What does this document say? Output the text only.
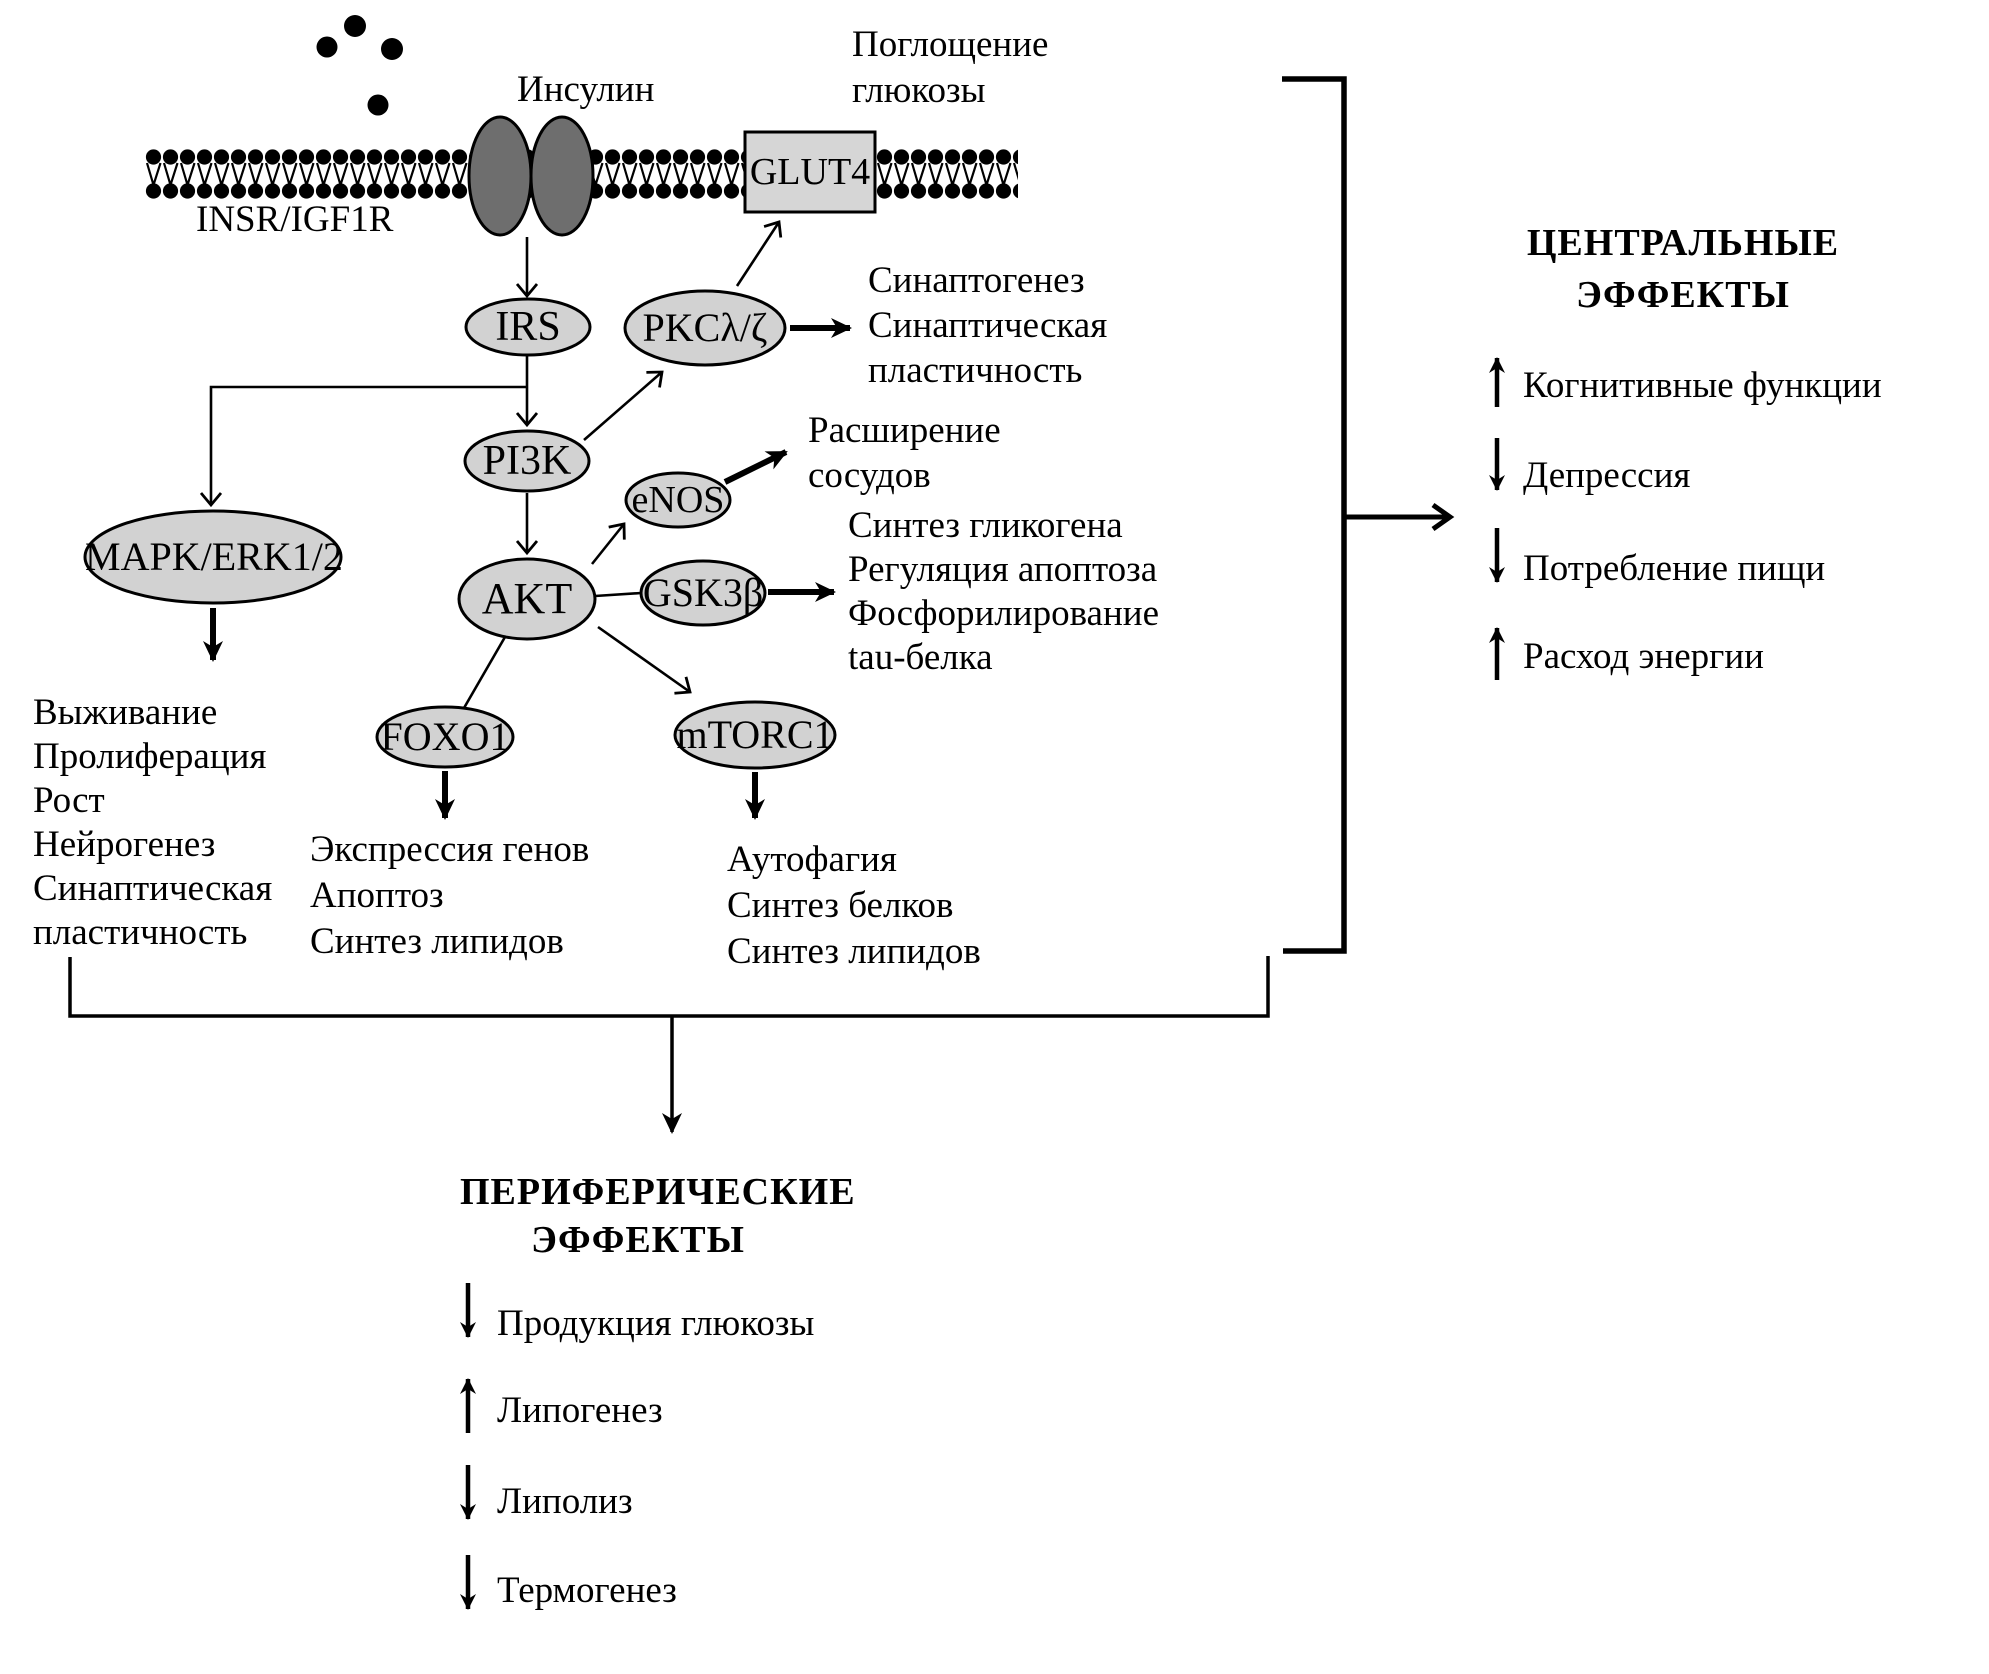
Инсулин
INSR/IGF1R
GLUT4
Поглощение
глюкозы
IRS
PI3K
AKT
PKCλ/ζ
MAPK/ERK1/2
eNOS
GSK3β
FOXO1	mTORC1
Синаптогенез
Синаптическая
пластичность
Расширение
сосудов
Синтез гликогена
Регуляция апоптоза
Фосфорилирование
tau-белка
Выживание
Пролиферация
Рост
Нейрогенез
Синаптическая
пластичность
Экспрессия генов
Апоптоз
Синтез липидов
Аутофагия
Синтез белков
Синтез липидов
ЦЕНТРАЛЬНЫЕ
ЭФФЕКТЫ
Когнитивные функции
Депрессия
Потребление пищи
Расход энергии
ПЕРИФЕРИЧЕСКИЕ
ЭФФЕКТЫ
Продукция глюкозы
Липогенез
Липолиз
Термогенез
